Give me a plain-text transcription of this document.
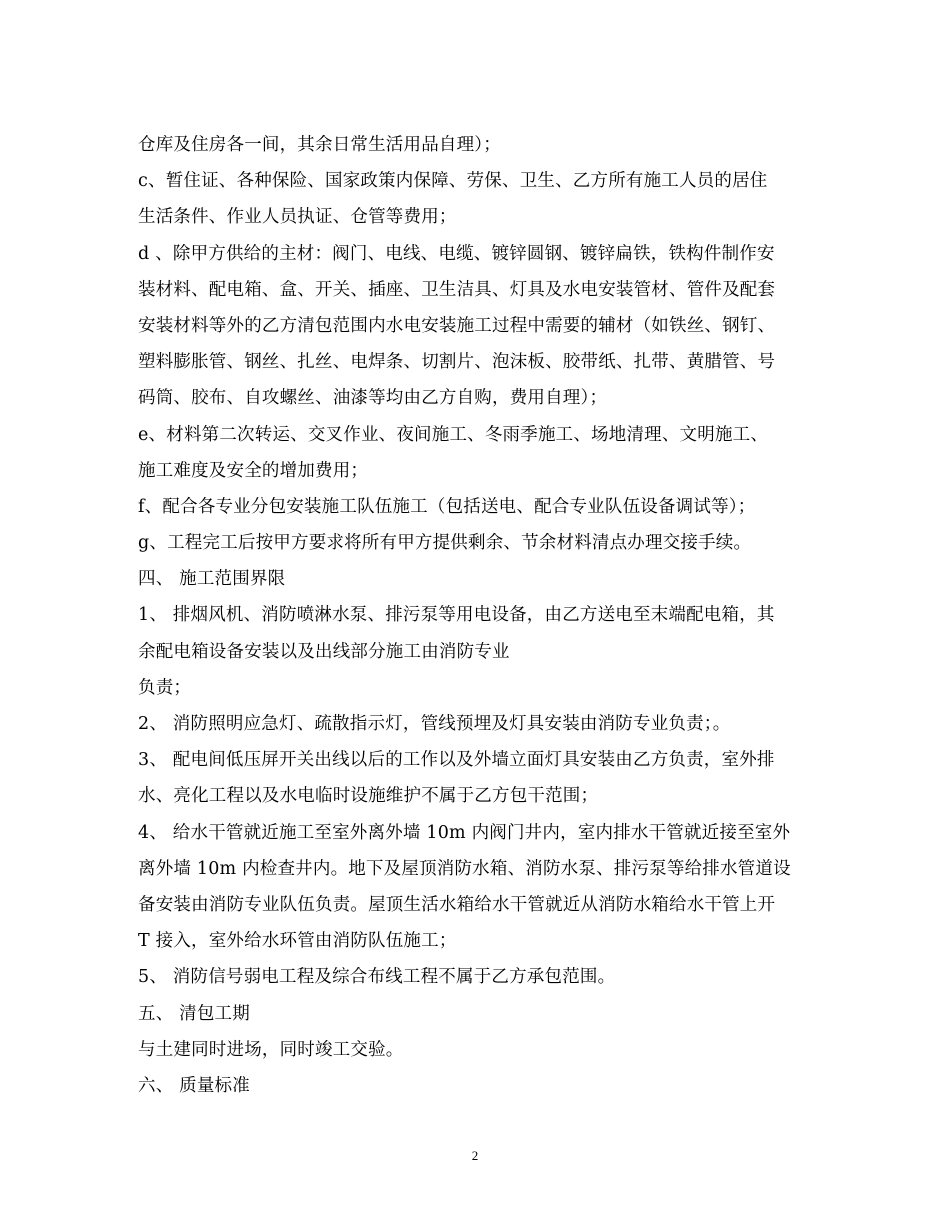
仓库及住房各一间，其余日常生活用品自理）；
c、暂住证、各种保险、国家政策内保障、劳保、卫生、乙方所有施工人员的居住
生活条件、作业人员执证、仓管等费用；
d 、除甲方供给的主材：阀门、电线、电缆、镀锌圆钢、镀锌扁铁，铁构件制作安
装材料、配电箱、盒、开关、插座、卫生洁具、灯具及水电安装管材、管件及配套
安装材料等外的乙方清包范围内水电安装施工过程中需要的辅材（如铁丝、钢钉、
塑料膨胀管、钢丝、扎丝、电焊条、切割片、泡沫板、胶带纸、扎带、黄腊管、号
码筒、胶布、自攻螺丝、油漆等均由乙方自购，费用自理）；
e、材料第二次转运、交叉作业、夜间施工、冬雨季施工、场地清理、文明施工、
施工难度及安全的增加费用；
f、配合各专业分包安装施工队伍施工（包括送电、配合专业队伍设备调试等）；
g、工程完工后按甲方要求将所有甲方提供剩余、节余材料清点办理交接手续。
四、 施工范围界限
1、 排烟风机、消防喷淋水泵、排污泵等用电设备，由乙方送电至末端配电箱，其
余配电箱设备安装以及出线部分施工由消防专业
负责；
2、 消防照明应急灯、疏散指示灯，管线预埋及灯具安装由消防专业负责；。
3、 配电间低压屏开关出线以后的工作以及外墙立面灯具安装由乙方负责，室外排
水、亮化工程以及水电临时设施维护不属于乙方包干范围；
4、 给水干管就近施工至室外离外墙 10m 内阀门井内，室内排水干管就近接至室外
离外墙 10m 内检查井内。地下及屋顶消防水箱、消防水泵、排污泵等给排水管道设
备安装由消防专业队伍负责。屋顶生活水箱给水干管就近从消防水箱给水干管上开
T 接入，室外给水环管由消防队伍施工；
5、 消防信号弱电工程及综合布线工程不属于乙方承包范围。
五、 清包工期
与土建同时进场，同时竣工交验。
六、 质量标准
2
